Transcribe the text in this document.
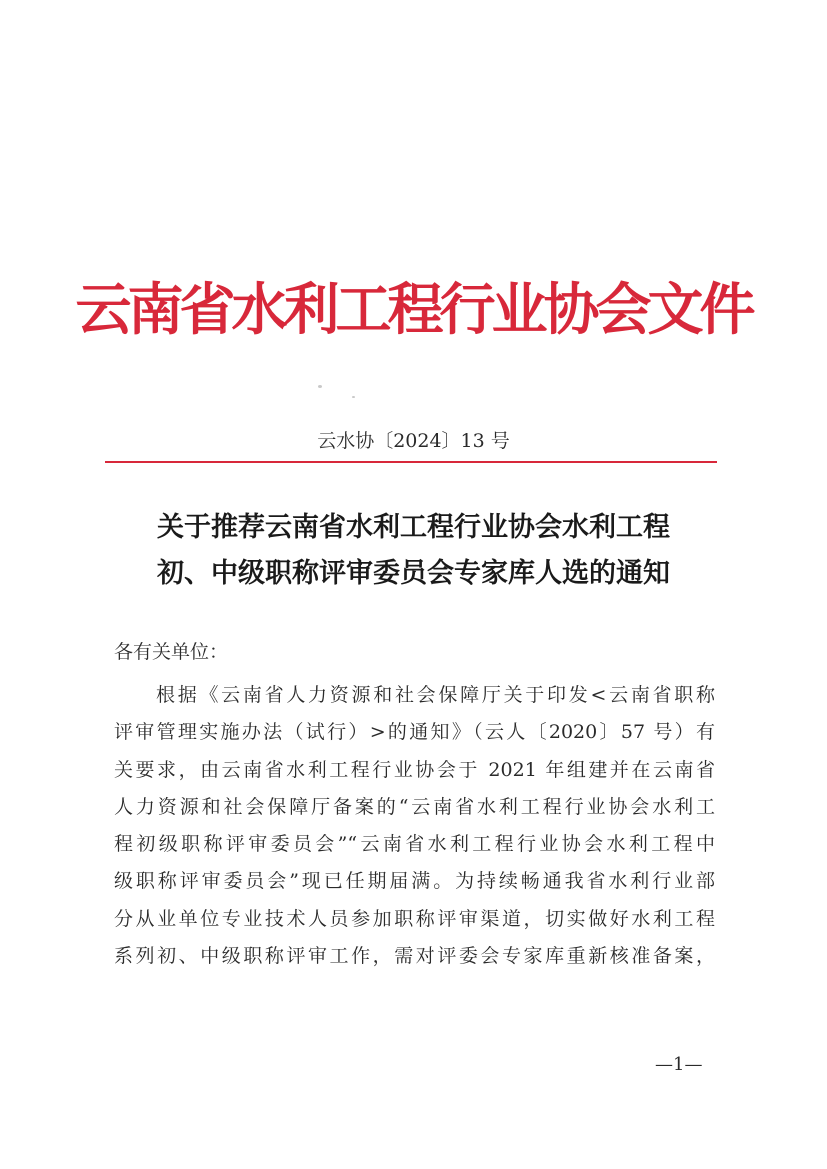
云南省水利工程行业协会文件
云水协〔2024〕13 号
关于推荐云南省水利工程行业协会水利工程
初、中级职称评审委员会专家库人选的通知
各有关单位：
根据《云南省人力资源和社会保障厅关于印发<云南省职称
评审管理实施办法（试行）>的通知》（云人〔2020〕57 号）有
关要求，由云南省水利工程行业协会于 2021 年组建并在云南省
人力资源和社会保障厅备案的“云南省水利工程行业协会水利工
程初级职称评审委员会”“云南省水利工程行业协会水利工程中
级职称评审委员会”现已任期届满。为持续畅通我省水利行业部
分从业单位专业技术人员参加职称评审渠道，切实做好水利工程
系列初、中级职称评审工作，需对评委会专家库重新核准备案，
—1—
